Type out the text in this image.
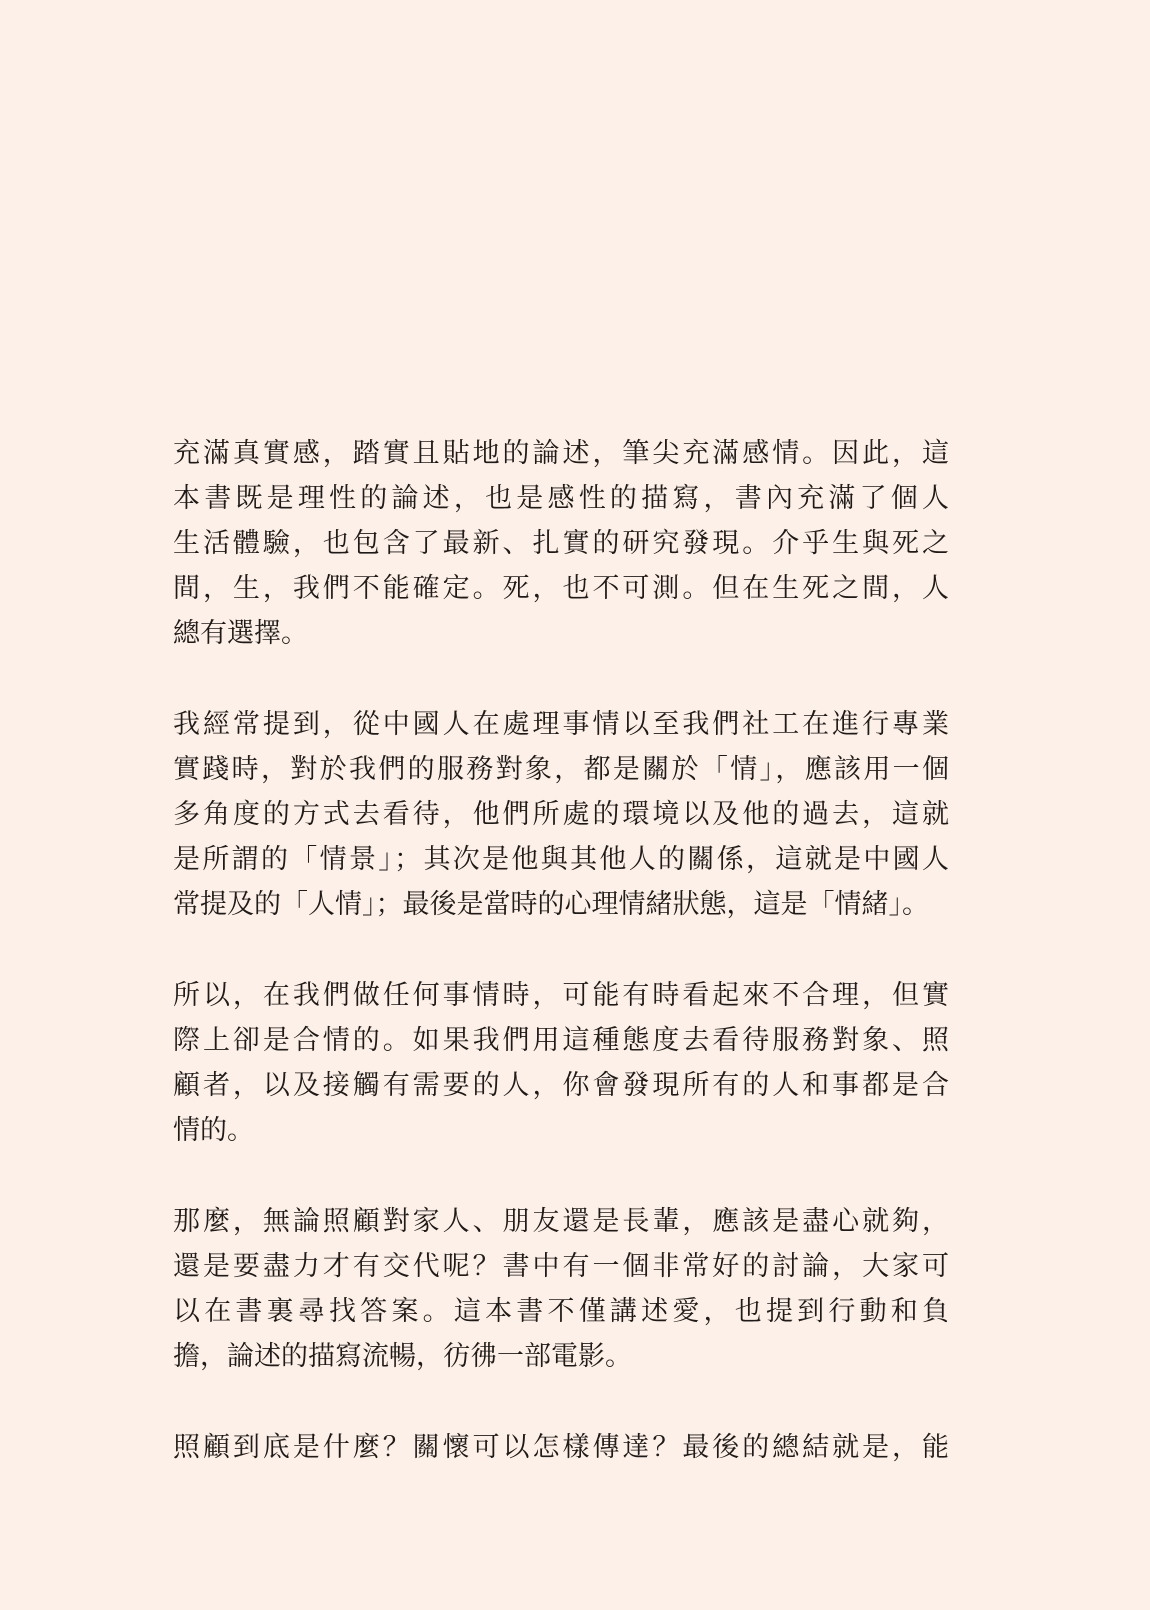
充滿真實感，踏實且貼地的論述，筆尖充滿感情。因此，這
本書既是理性的論述，也是感性的描寫，書內充滿了個人
生活體驗，也包含了最新、扎實的研究發現。介乎生與死之
間，生，我們不能確定。死，也不可測。但在生死之間，人
總有選擇。

我經常提到，從中國人在處理事情以至我們社工在進行專業
實踐時，對於我們的服務對象，都是關於「情」，應該用一個
多角度的方式去看待，他們所處的環境以及他的過去，這就
是所謂的「情景」；其次是他與其他人的關係，這就是中國人
常提及的「人情」；最後是當時的心理情緒狀態，這是「情緒」。

所以，在我們做任何事情時，可能有時看起來不合理，但實
際上卻是合情的。如果我們用這種態度去看待服務對象、照
顧者，以及接觸有需要的人，你會發現所有的人和事都是合
情的。

那麼，無論照顧對家人、朋友還是長輩，應該是盡心就夠，
還是要盡力才有交代呢？書中有一個非常好的討論，大家可
以在書裏尋找答案。這本書不僅講述愛，也提到行動和負
擔，論述的描寫流暢，彷彿一部電影。

照顧到底是什麼？關懷可以怎樣傳達？最後的總結就是，能
